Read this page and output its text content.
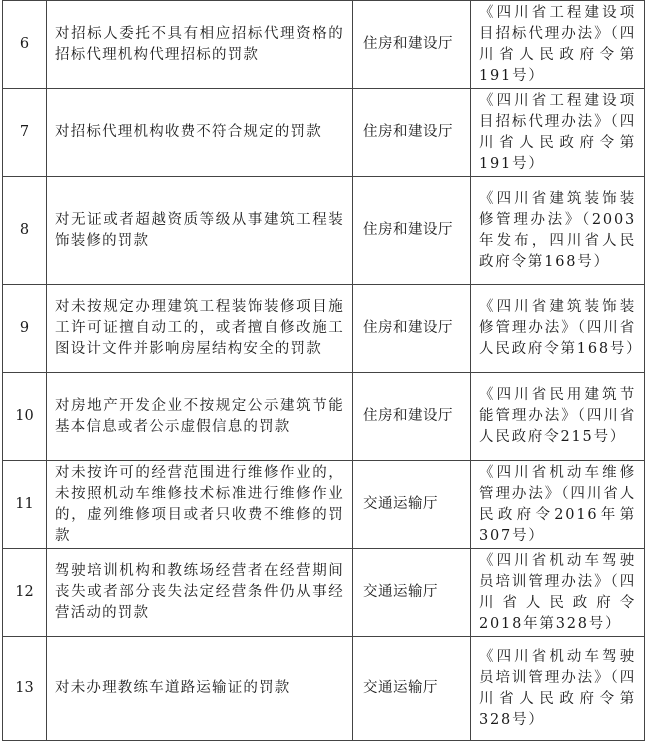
6	对招标人委托不具有相应招标代理资格的招标代理机构代理招标的罚款	住房和建设厅	《四川省工程建设项目招标代理办法》（四川省人民政府令第191号）
7	对招标代理机构收费不符合规定的罚款	住房和建设厅	《四川省工程建设项目招标代理办法》（四川省人民政府令第191号）
8	对无证或者超越资质等级从事建筑工程装饰装修的罚款	住房和建设厅	《四川省建筑装饰装修管理办法》（2003年发布，四川省人民政府令第168号）
9	对未按规定办理建筑工程装饰装修项目施工许可证擅自动工的，或者擅自修改施工图设计文件并影响房屋结构安全的罚款	住房和建设厅	《四川省建筑装饰装修管理办法》（四川省人民政府令第168号）
10	对房地产开发企业不按规定公示建筑节能基本信息或者公示虚假信息的罚款	住房和建设厅	《四川省民用建筑节能管理办法》（四川省人民政府令215号）
11	对未按许可的经营范围进行维修作业的，未按照机动车维修技术标准进行维修作业的，虚列维修项目或者只收费不维修的罚款	交通运输厅	《四川省机动车维修管理办法》（四川省人民政府令2016年第307号）
12	驾驶培训机构和教练场经营者在经营期间丧失或者部分丧失法定经营条件仍从事经营活动的罚款	交通运输厅	《四川省机动车驾驶员培训管理办法》（四川省人民政府令2018年第328号）
13	对未办理教练车道路运输证的罚款	交通运输厅	《四川省机动车驾驶员培训管理办法》（四川省人民政府令第328号）
